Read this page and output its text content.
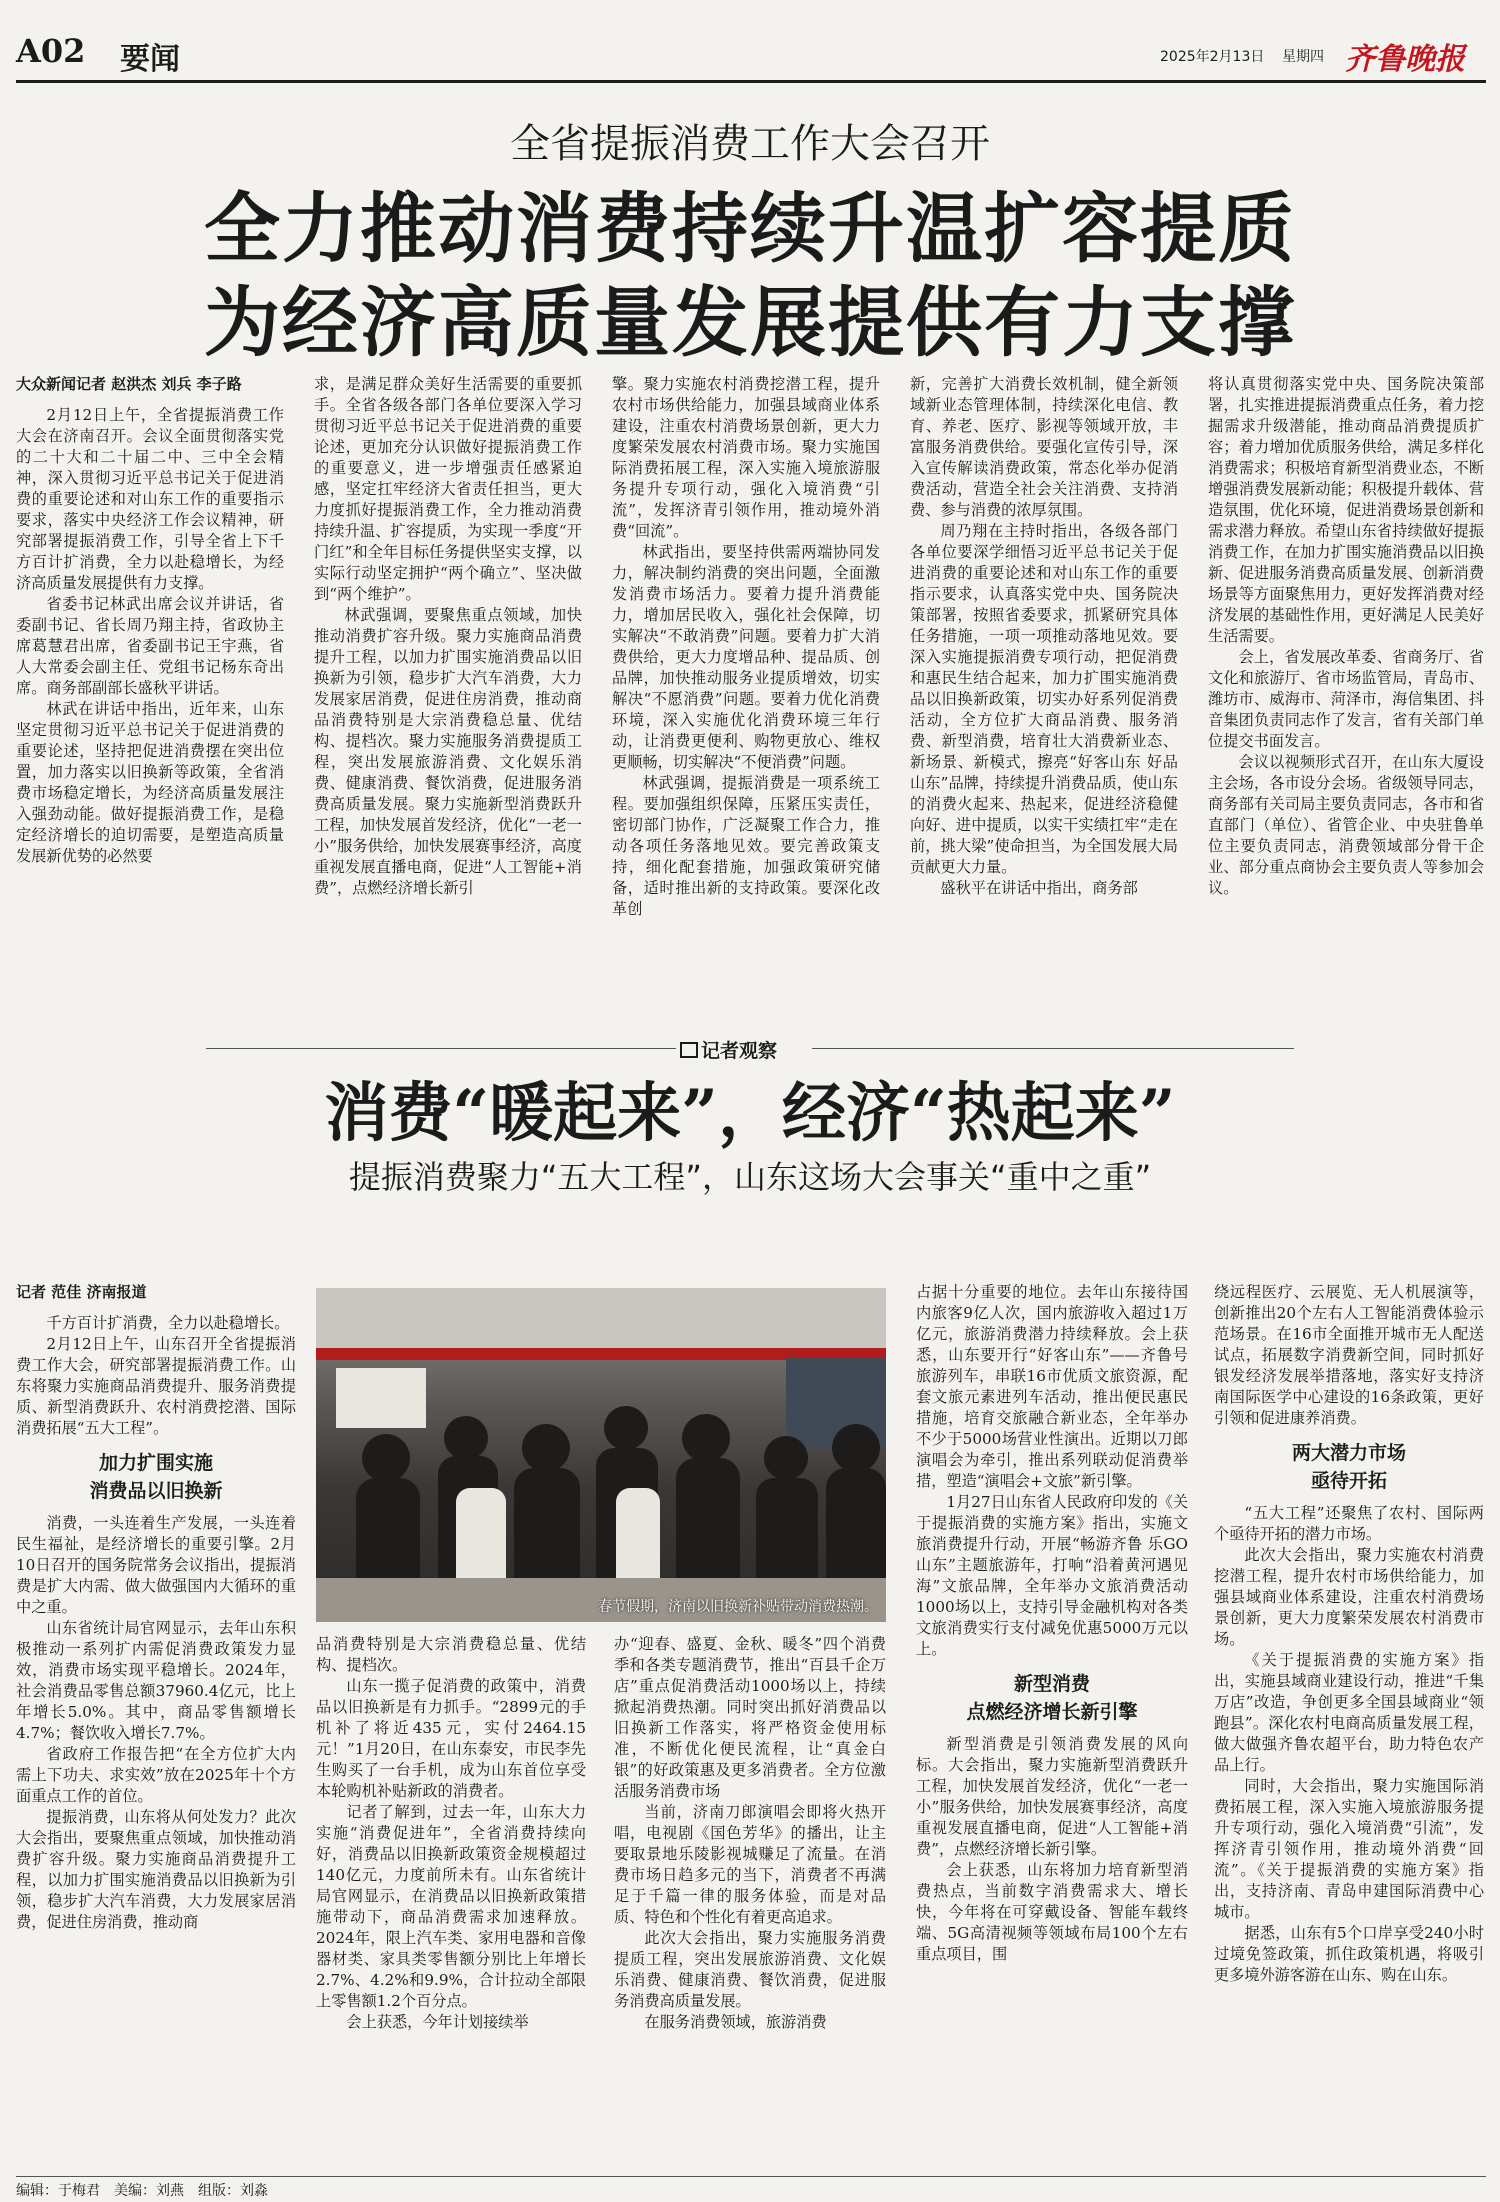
A02 要闻	2025年2月13日 星期四 齐鲁晚报
全省提振消费工作大会召开
全力推动消费持续升温扩容提质
为经济高质量发展提供有力支撑

大众新闻记者 赵洪杰 刘兵 李子路

2月12日上午，全省提振消费工作大会在济南召开。会议全面贯彻落实党的二十大和二十届二中、三中全会精神，深入贯彻习近平总书记关于促进消费的重要论述和对山东工作的重要指示要求，落实中央经济工作会议精神，研究部署提振消费工作，引导全省上下千方百计扩消费，全力以赴稳增长，为经济高质量发展提供有力支撑。

省委书记林武出席会议并讲话，省委副书记、省长周乃翔主持，省政协主席葛慧君出席，省委副书记王宇燕，省人大常委会副主任、党组书记杨东奇出席。商务部副部长盛秋平讲话。

林武在讲话中指出，近年来，山东坚定贯彻习近平总书记关于促进消费的重要论述，坚持把促进消费摆在突出位置，加力落实以旧换新等政策，全省消费市场稳定增长，为经济高质量发展注入强劲动能。做好提振消费工作，是稳定经济增长的迫切需要，是塑造高质量发展新优势的必然要

求，是满足群众美好生活需要的重要抓手。全省各级各部门各单位要深入学习贯彻习近平总书记关于促进消费的重要论述，更加充分认识做好提振消费工作的重要意义，进一步增强责任感紧迫感，坚定扛牢经济大省责任担当，更大力度抓好提振消费工作，全力推动消费持续升温、扩容提质，为实现一季度“开门红”和全年目标任务提供坚实支撑，以实际行动坚定拥护“两个确立”、坚决做到“两个维护”。

林武强调，要聚焦重点领域，加快推动消费扩容升级。聚力实施商品消费提升工程，以加力扩围实施消费品以旧换新为引领，稳步扩大汽车消费，大力发展家居消费，促进住房消费，推动商品消费特别是大宗消费稳总量、优结构、提档次。聚力实施服务消费提质工程，突出发展旅游消费、文化娱乐消费、健康消费、餐饮消费，促进服务消费高质量发展。聚力实施新型消费跃升工程，加快发展首发经济，优化“一老一小”服务供给，加快发展赛事经济，高度重视发展直播电商，促进“人工智能+消费”，点燃经济增长新引

擎。聚力实施农村消费挖潜工程，提升农村市场供给能力，加强县域商业体系建设，注重农村消费场景创新，更大力度繁荣发展农村消费市场。聚力实施国际消费拓展工程，深入实施入境旅游服务提升专项行动，强化入境消费“引流”，发挥济青引领作用，推动境外消费“回流”。

林武指出，要坚持供需两端协同发力，解决制约消费的突出问题，全面激发消费市场活力。要着力提升消费能力，增加居民收入，强化社会保障，切实解决“不敢消费”问题。要着力扩大消费供给，更大力度增品种、提品质、创品牌，加快推动服务业提质增效，切实解决“不愿消费”问题。要着力优化消费环境，深入实施优化消费环境三年行动，让消费更便利、购物更放心、维权更顺畅，切实解决“不便消费”问题。

林武强调，提振消费是一项系统工程。要加强组织保障，压紧压实责任，密切部门协作，广泛凝聚工作合力，推动各项任务落地见效。要完善政策支持，细化配套措施，加强政策研究储备，适时推出新的支持政策。要深化改革创

新，完善扩大消费长效机制，健全新领域新业态管理体制，持续深化电信、教育、养老、医疗、影视等领域开放，丰富服务消费供给。要强化宣传引导，深入宣传解读消费政策，常态化举办促消费活动，营造全社会关注消费、支持消费、参与消费的浓厚氛围。

周乃翔在主持时指出，各级各部门各单位要深学细悟习近平总书记关于促进消费的重要论述和对山东工作的重要指示要求，认真落实党中央、国务院决策部署，按照省委要求，抓紧研究具体任务措施，一项一项推动落地见效。要深入实施提振消费专项行动，把促消费和惠民生结合起来，加力扩围实施消费品以旧换新政策，切实办好系列促消费活动，全方位扩大商品消费、服务消费、新型消费，培育壮大消费新业态、新场景、新模式，擦亮“好客山东 好品山东”品牌，持续提升消费品质，使山东的消费火起来、热起来，促进经济稳健向好、进中提质，以实干实绩扛牢“走在前，挑大梁”使命担当，为全国发展大局贡献更大力量。

盛秋平在讲话中指出，商务部

将认真贯彻落实党中央、国务院决策部署，扎实推进提振消费重点任务，着力挖掘需求升级潜能，推动商品消费提质扩容；着力增加优质服务供给，满足多样化消费需求；积极培育新型消费业态，不断增强消费发展新动能；积极提升载体、营造氛围，优化环境，促进消费场景创新和需求潜力释放。希望山东省持续做好提振消费工作，在加力扩围实施消费品以旧换新、促进服务消费高质量发展、创新消费场景等方面聚焦用力，更好发挥消费对经济发展的基础性作用，更好满足人民美好生活需要。

会上，省发展改革委、省商务厅、省文化和旅游厅、省市场监管局，青岛市、潍坊市、威海市、菏泽市，海信集团、抖音集团负责同志作了发言，省有关部门单位提交书面发言。

会议以视频形式召开，在山东大厦设主会场，各市设分会场。省级领导同志，商务部有关司局主要负责同志，各市和省直部门（单位）、省管企业、中央驻鲁单位主要负责同志，消费领域部分骨干企业、部分重点商协会主要负责人等参加会议。

记者观察
消费“暖起来”，经济“热起来”
提振消费聚力“五大工程”，山东这场大会事关“重中之重”

记者 范佳 济南报道

千方百计扩消费，全力以赴稳增长。

2月12日上午，山东召开全省提振消费工作大会，研究部署提振消费工作。山东将聚力实施商品消费提升、服务消费提质、新型消费跃升、农村消费挖潜、国际消费拓展“五大工程”。

加力扩围实施
消费品以旧换新

消费，一头连着生产发展，一头连着民生福祉，是经济增长的重要引擎。2月10日召开的国务院常务会议指出，提振消费是扩大内需、做大做强国内大循环的重中之重。

山东省统计局官网显示，去年山东积极推动一系列扩内需促消费政策发力显效，消费市场实现平稳增长。2024年，社会消费品零售总额37960.4亿元，比上年增长5.0%。其中，商品零售额增长4.7%；餐饮收入增长7.7%。

省政府工作报告把“在全方位扩大内需上下功夫、求实效”放在2025年十个方面重点工作的首位。

提振消费，山东将从何处发力？此次大会指出，要聚焦重点领域，加快推动消费扩容升级。聚力实施商品消费提升工程，以加力扩围实施消费品以旧换新为引领，稳步扩大汽车消费，大力发展家居消费，促进住房消费，推动商

春节假期，济南以旧换新补贴带动消费热潮。

品消费特别是大宗消费稳总量、优结构、提档次。

山东一揽子促消费的政策中，消费品以旧换新是有力抓手。“2899元的手机补了将近435元，实付2464.15元！”1月20日，在山东泰安，市民李先生购买了一台手机，成为山东首位享受本轮购机补贴新政的消费者。

记者了解到，过去一年，山东大力实施“消费促进年”，全省消费持续向好，消费品以旧换新政策资金规模超过140亿元，力度前所未有。山东省统计局官网显示，在消费品以旧换新政策措施带动下，商品消费需求加速释放。2024年，限上汽车类、家用电器和音像器材类、家具类零售额分别比上年增长2.7%、4.2%和9.9%，合计拉动全部限上零售额1.2个百分点。

会上获悉，今年计划接续举

办“迎春、盛夏、金秋、暖冬”四个消费季和各类专题消费节，推出“百县千企万店”重点促消费活动1000场以上，持续掀起消费热潮。同时突出抓好消费品以旧换新工作落实，将严格资金使用标准，不断优化便民流程，让“真金白银”的好政策惠及更多消费者。全方位激活服务消费市场

当前，济南刀郎演唱会即将火热开唱，电视剧《国色芳华》的播出，让主要取景地乐陵影视城赚足了流量。在消费市场日趋多元的当下，消费者不再满足于千篇一律的服务体验，而是对品质、特色和个性化有着更高追求。

此次大会指出，聚力实施服务消费提质工程，突出发展旅游消费、文化娱乐消费、健康消费、餐饮消费，促进服务消费高质量发展。

在服务消费领域，旅游消费

占据十分重要的地位。去年山东接待国内旅客9亿人次，国内旅游收入超过1万亿元，旅游消费潜力持续释放。会上获悉，山东要开行“好客山东”——齐鲁号旅游列车，串联16市优质文旅资源，配套文旅元素进列车活动，推出便民惠民措施，培育交旅融合新业态，全年举办不少于5000场营业性演出。近期以刀郎演唱会为牵引，推出系列联动促消费举措，塑造“演唱会+文旅”新引擎。

1月27日山东省人民政府印发的《关于提振消费的实施方案》指出，实施文旅消费提升行动，开展“畅游齐鲁 乐GO山东”主题旅游年，打响“沿着黄河遇见海”文旅品牌，全年举办文旅消费活动1000场以上，支持引导金融机构对各类文旅消费实行支付减免优惠5000万元以上。

新型消费
点燃经济增长新引擎

新型消费是引领消费发展的风向标。大会指出，聚力实施新型消费跃升工程，加快发展首发经济，优化“一老一小”服务供给，加快发展赛事经济，高度重视发展直播电商，促进“人工智能+消费”，点燃经济增长新引擎。

会上获悉，山东将加力培育新型消费热点，当前数字消费需求大、增长快，今年将在可穿戴设备、智能车载终端、5G高清视频等领域布局100个左右重点项目，围

绕远程医疗、云展览、无人机展演等，创新推出20个左右人工智能消费体验示范场景。在16市全面推开城市无人配送试点，拓展数字消费新空间，同时抓好银发经济发展举措落地，落实好支持济南国际医学中心建设的16条政策，更好引领和促进康养消费。

两大潜力市场
亟待开拓

“五大工程”还聚焦了农村、国际两个亟待开拓的潜力市场。

此次大会指出，聚力实施农村消费挖潜工程，提升农村市场供给能力，加强县域商业体系建设，注重农村消费场景创新，更大力度繁荣发展农村消费市场。

《关于提振消费的实施方案》指出，实施县域商业建设行动，推进“千集万店”改造，争创更多全国县域商业“领跑县”。深化农村电商高质量发展工程，做大做强齐鲁农超平台，助力特色农产品上行。

同时，大会指出，聚力实施国际消费拓展工程，深入实施入境旅游服务提升专项行动，强化入境消费“引流”，发挥济青引领作用，推动境外消费“回流”。《关于提振消费的实施方案》指出，支持济南、青岛申建国际消费中心城市。

据悉，山东有5个口岸享受240小时过境免签政策，抓住政策机遇，将吸引更多境外游客游在山东、购在山东。

编辑：于梅君　美编：刘燕　组版：刘淼
